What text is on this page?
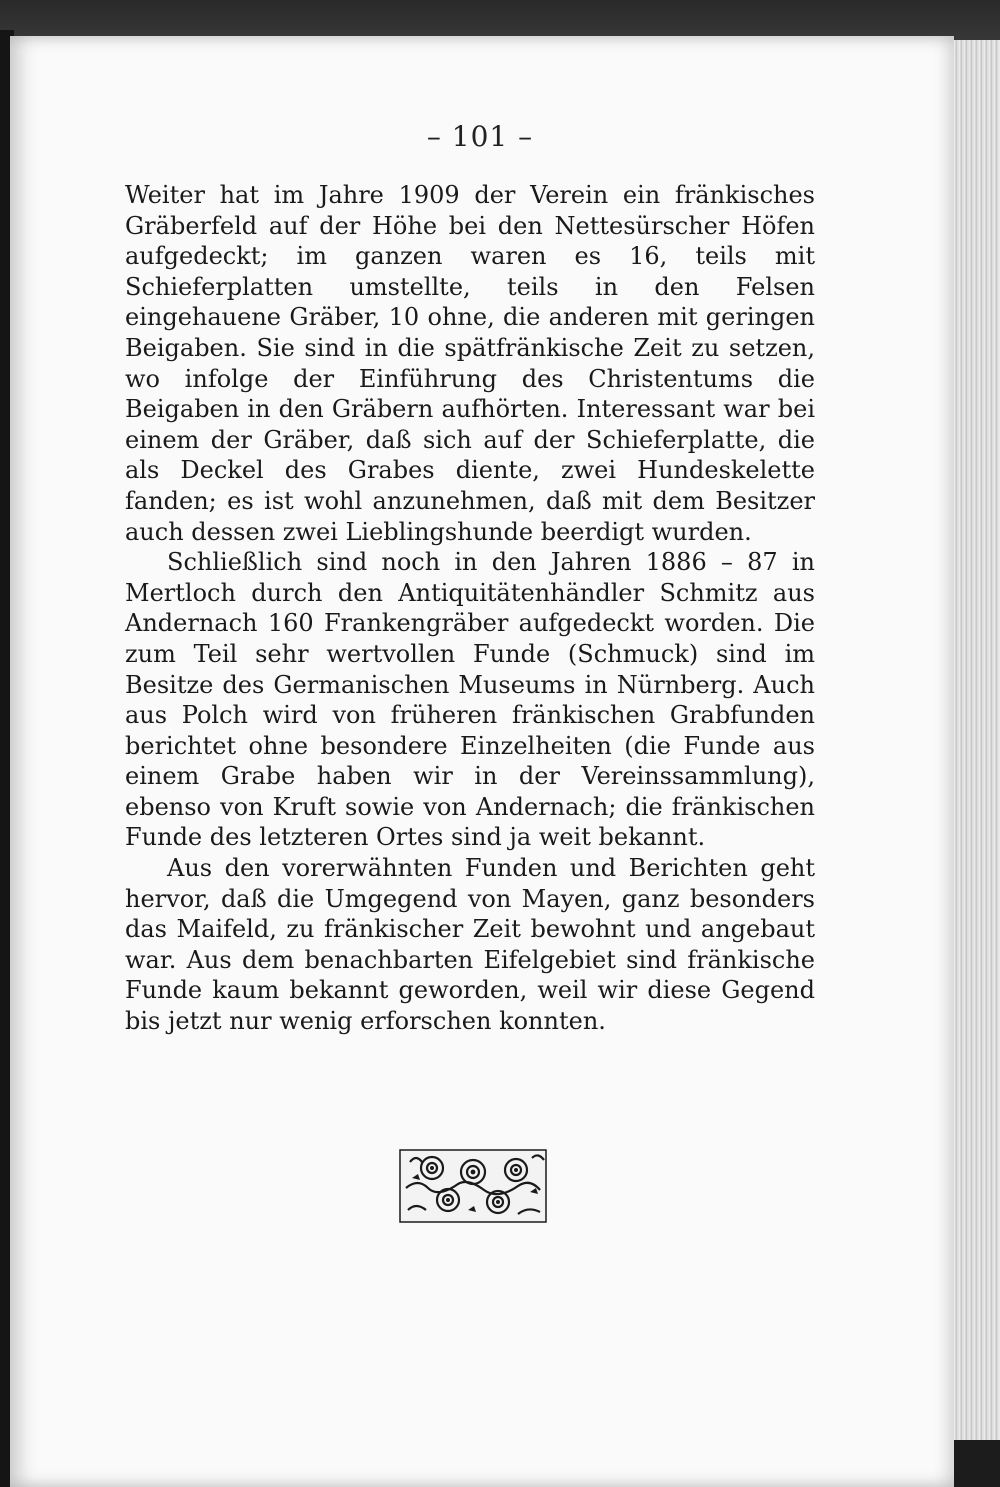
– 101 –

Weiter hat im Jahre 1909 der Verein ein fränkisches Gräberfeld auf der Höhe bei den Nettesürscher Höfen aufgedeckt; im ganzen waren es 16, teils mit Schieferplatten umstellte, teils in den Felsen eingehauene Gräber, 10 ohne, die anderen mit geringen Beigaben. Sie sind in die spätfränkische Zeit zu setzen, wo infolge der Einführung des Christentums die Beigaben in den Gräbern aufhörten. Interessant war bei einem der Gräber, daß sich auf der Schieferplatte, die als Deckel des Grabes diente, zwei Hundeskelette fanden; es ist wohl anzunehmen, daß mit dem Besitzer auch dessen zwei Lieblingshunde beerdigt wurden.

Schließlich sind noch in den Jahren 1886 – 87 in Mertloch durch den Antiquitätenhändler Schmitz aus Andernach 160 Frankengräber aufgedeckt worden. Die zum Teil sehr wertvollen Funde (Schmuck) sind im Besitze des Germanischen Museums in Nürnberg. Auch aus Polch wird von früheren fränkischen Grabfunden berichtet ohne besondere Einzelheiten (die Funde aus einem Grabe haben wir in der Vereinssammlung), ebenso von Kruft sowie von Andernach; die fränkischen Funde des letzteren Ortes sind ja weit bekannt.

Aus den vorerwähnten Funden und Berichten geht hervor, daß die Umgegend von Mayen, ganz besonders das Maifeld, zu fränkischer Zeit bewohnt und angebaut war. Aus dem benachbarten Eifelgebiet sind fränkische Funde kaum bekannt geworden, weil wir diese Gegend bis jetzt nur wenig erforschen konnten.
